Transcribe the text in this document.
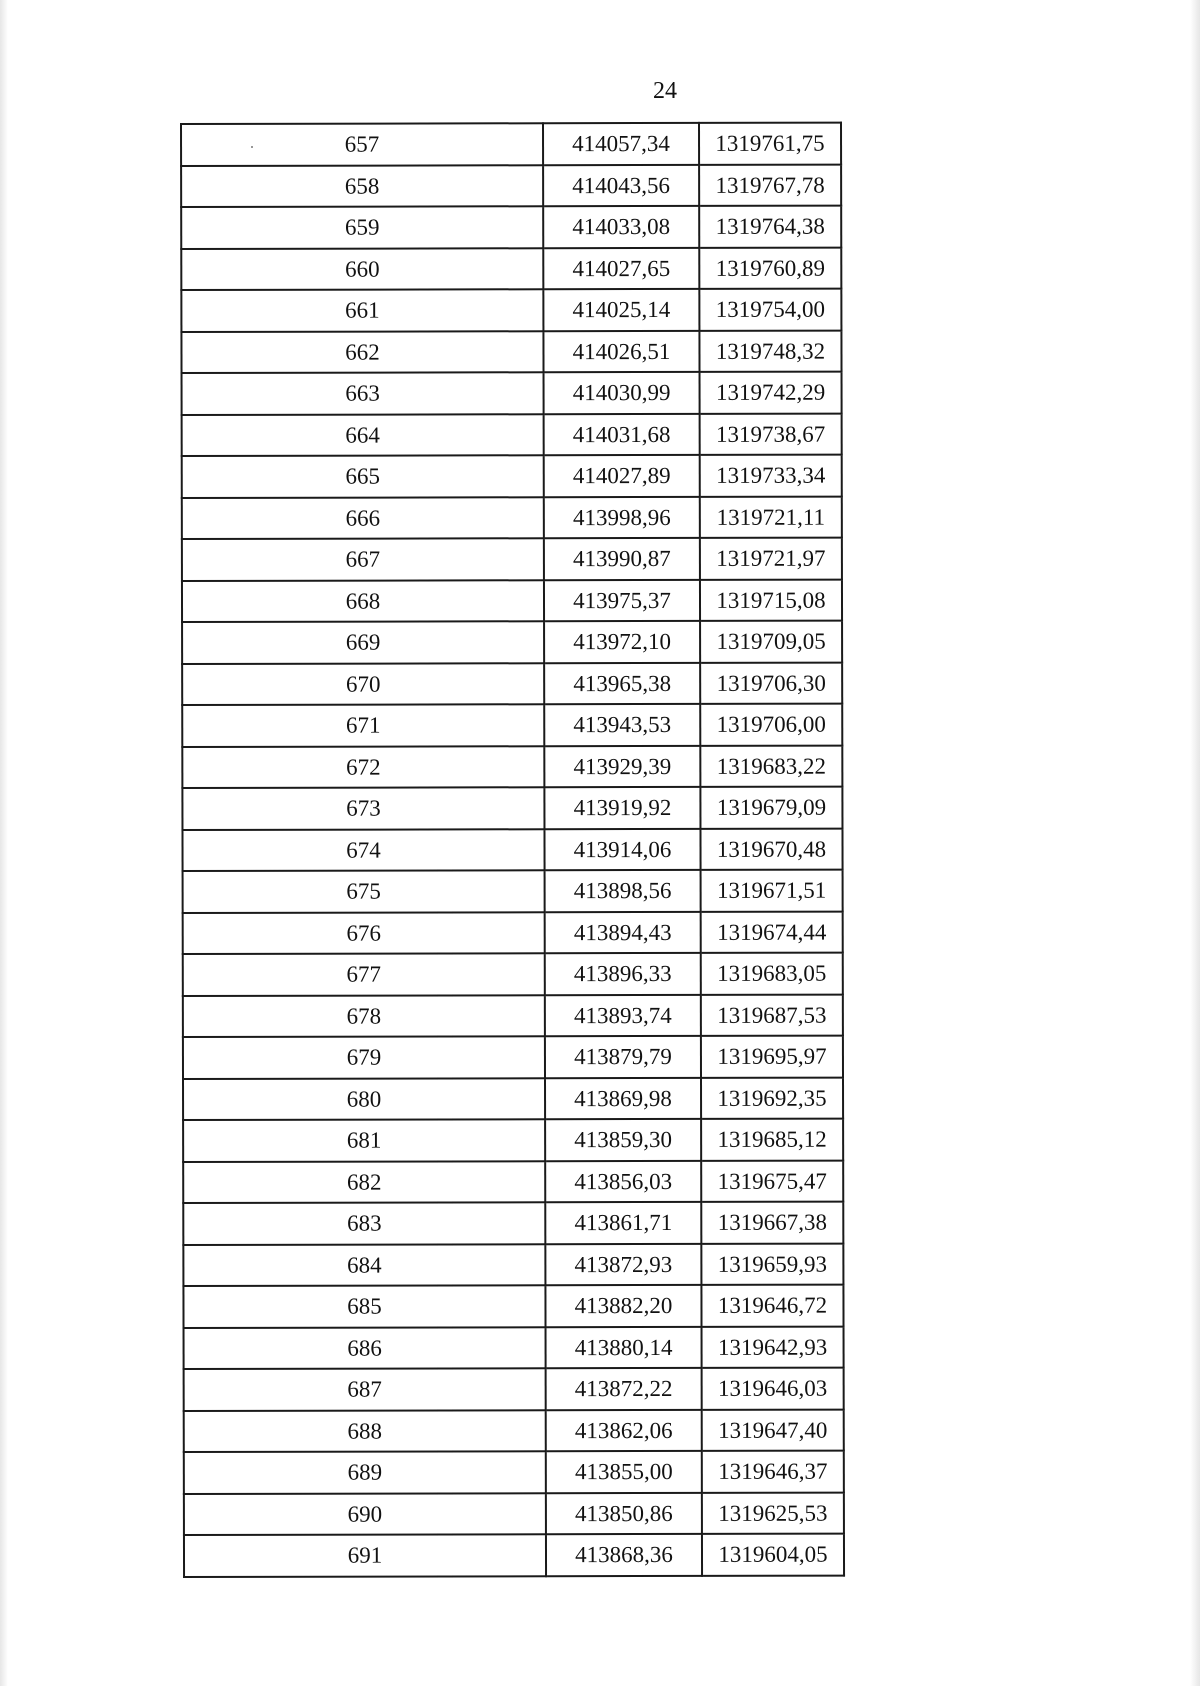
24
657	414057,34	1319761,75
658	414043,56	1319767,78
659	414033,08	1319764,38
660	414027,65	1319760,89
661	414025,14	1319754,00
662	414026,51	1319748,32
663	414030,99	1319742,29
664	414031,68	1319738,67
665	414027,89	1319733,34
666	413998,96	1319721,11
667	413990,87	1319721,97
668	413975,37	1319715,08
669	413972,10	1319709,05
670	413965,38	1319706,30
671	413943,53	1319706,00
672	413929,39	1319683,22
673	413919,92	1319679,09
674	413914,06	1319670,48
675	413898,56	1319671,51
676	413894,43	1319674,44
677	413896,33	1319683,05
678	413893,74	1319687,53
679	413879,79	1319695,97
680	413869,98	1319692,35
681	413859,30	1319685,12
682	413856,03	1319675,47
683	413861,71	1319667,38
684	413872,93	1319659,93
685	413882,20	1319646,72
686	413880,14	1319642,93
687	413872,22	1319646,03
688	413862,06	1319647,40
689	413855,00	1319646,37
690	413850,86	1319625,53
691	413868,36	1319604,05
